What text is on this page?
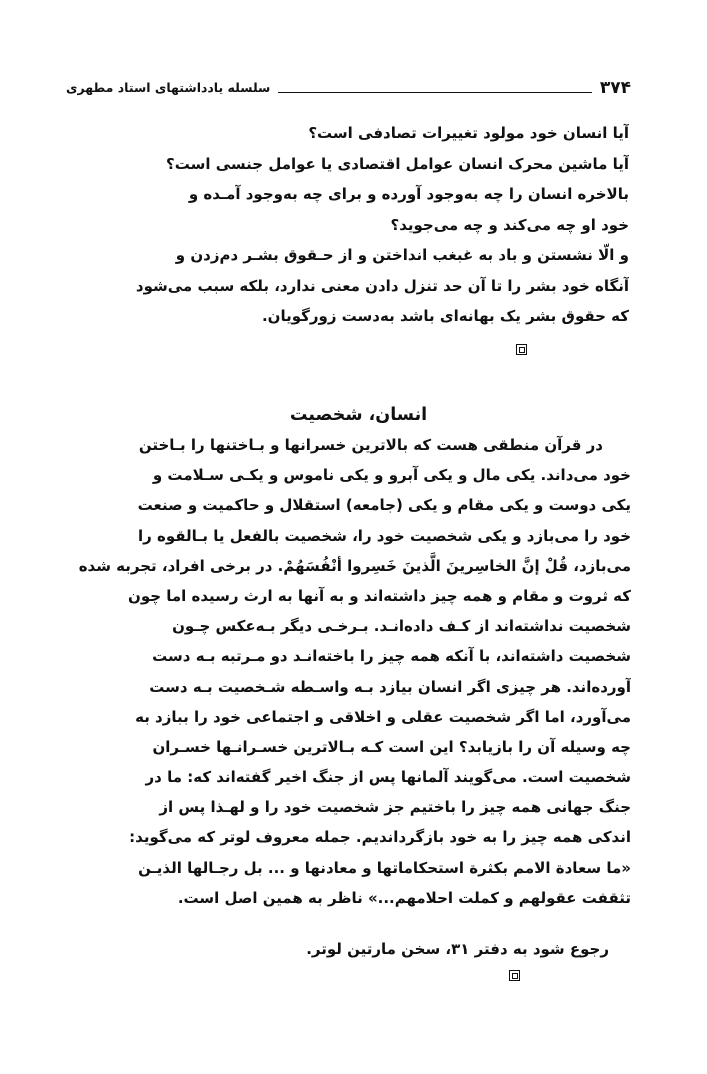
۳۷۴
سلسله یادداشتهای استاد مطهری
آیا انسان خود مولود تغییرات تصادفی است؟
آیا ماشین محرک انسان عوامل اقتصادی یا عوامل جنسی است؟
بالاخره انسان را چه به‌وجود آورده و برای چه به‌وجود آمـده و
خود او چه می‌کند و چه می‌جوید؟
و الّا نشستن و باد به غبغب انداختن و از حـقوق بشـر دم‌زدن و
آنگاه خود بشر را تا آن حد تنزل دادن معنی ندارد، بلکه سبب می‌شود
که حقوق بشر یک بهانه‌ای باشد به‌دست زورگویان.
انسان، شخصیت
در قرآن منطقی هست که بالاترین خسرانها و بـاختنها را بـاختن
خود می‌داند. یکی مال و یکی آبرو و یکی ناموس و یکـی سـلامت و
یکی دوست و یکی مقام و یکی (جامعه) استقلال و حاکمیت و صنعت
خود را می‌بازد و یکی شخصیت خود را، شخصیت بالفعل یا بـالقوه را
می‌بازد، قُلْ إنَّ الخاسِرینَ الَّذینَ خَسِروا أنْفُسَهُمْ. در برخی افراد، تجربه شده
که ثروت و مقام و همه چیز داشته‌اند و به آنها به ارث رسیده اما چون
شخصیت نداشته‌اند از کـف داده‌انـد. بـرخـی دیگر بـه‌عکس چـون
شخصیت داشته‌اند، با آنکه همه چیز را باخته‌انـد دو مـرتبه بـه دست
آورده‌اند. هر چیزی اگر انسان بیازد بـه واسـطه شـخصیت بـه دست
می‌آورد، اما اگر شخصیت عقلی و اخلاقی و اجتماعی خود را ببازد به
چه وسیله آن را بازیابد؟ این است کـه بـالاترین خسـرانـها خسـران
شخصیت است. می‌گویند آلمانها پس از جنگ اخیر گفته‌اند که: ما در
جنگ جهانی همه چیز را باختیم جز شخصیت خود را و لهـذا پس از
اندکی همه چیز را به خود بازگرداندیم. جمله معروف لوتر که می‌گوید:
«ما سعادة الامم بکثرة استحکاماتها و معادنها و ... بل رجـالها الذیـن
تثقفت عقولهم و کملت احلامهم...» ناظر به همین اصل است.
رجوع شود به دفتر ۳۱، سخن مارتین لوتر.
